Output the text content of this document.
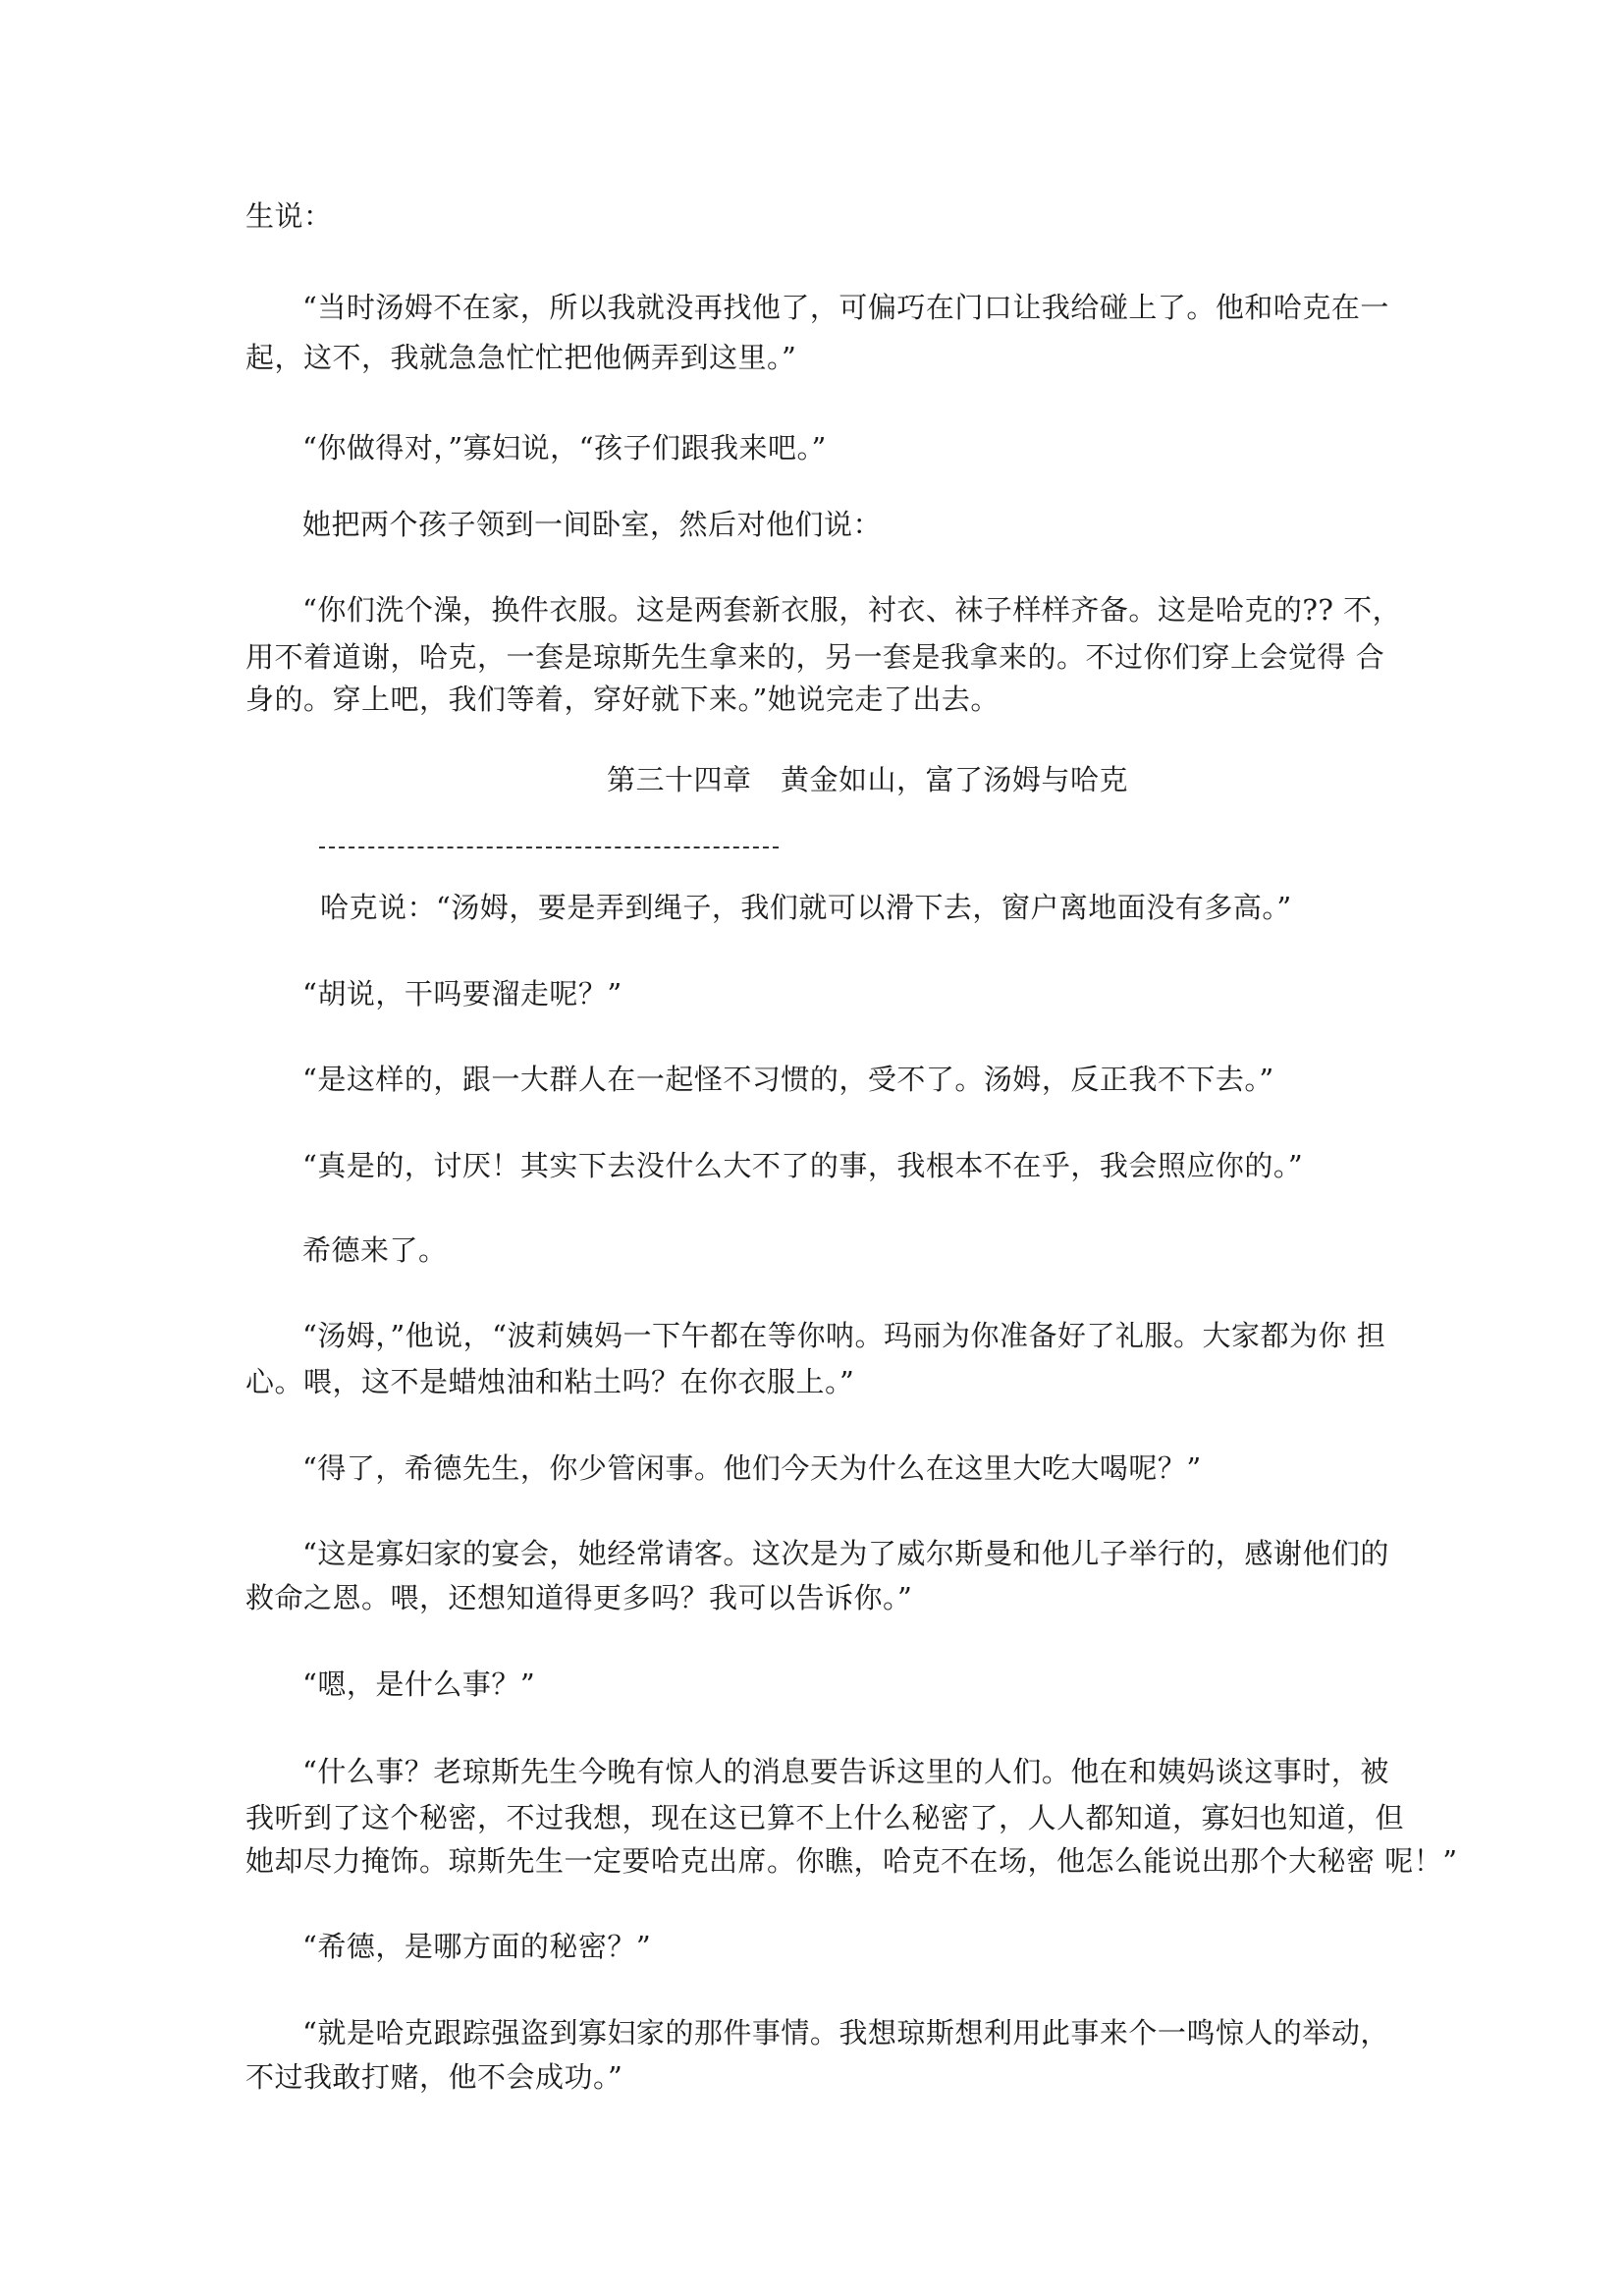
生说：
“当时汤姆不在家，所以我就没再找他了，可偏巧在门口让我给碰上了。他和哈克在一
起，这不，我就急急忙忙把他俩弄到这里。”
“你做得对，”寡妇说，“孩子们跟我来吧。”
她把两个孩子领到一间卧室，然后对他们说：
“你们洗个澡，换件衣服。这是两套新衣服，衬衣、袜子样样齐备。这是哈克的?? 不，
用不着道谢，哈克，一套是琼斯先生拿来的，另一套是我拿来的。不过你们穿上会觉得 合
身的。穿上吧，我们等着，穿好就下来。”她说完走了出去。
第三十四章　黄金如山，富了汤姆与哈克
哈克说：“汤姆，要是弄到绳子，我们就可以滑下去，窗户离地面没有多高。”
“胡说，干吗要溜走呢？”
“是这样的，跟一大群人在一起怪不习惯的，受不了。汤姆，反正我不下去。”
“真是的，讨厌！其实下去没什么大不了的事，我根本不在乎，我会照应你的。”
希德来了。
“汤姆，”他说，“波莉姨妈一下午都在等你呐。玛丽为你准备好了礼服。大家都为你 担
心。喂，这不是蜡烛油和粘土吗？在你衣服上。”
“得了，希德先生，你少管闲事。他们今天为什么在这里大吃大喝呢？”
“这是寡妇家的宴会，她经常请客。这次是为了威尔斯曼和他儿子举行的，感谢他们的
救命之恩。喂，还想知道得更多吗？我可以告诉你。”
“嗯，是什么事？”
“什么事？老琼斯先生今晚有惊人的消息要告诉这里的人们。他在和姨妈谈这事时，被
我听到了这个秘密，不过我想，现在这已算不上什么秘密了，人人都知道，寡妇也知道，但
她却尽力掩饰。琼斯先生一定要哈克出席。你瞧，哈克不在场，他怎么能说出那个大秘密 呢！”
“希德，是哪方面的秘密？”
“就是哈克跟踪强盗到寡妇家的那件事情。我想琼斯想利用此事来个一鸣惊人的举动，
不过我敢打赌，他不会成功。”
